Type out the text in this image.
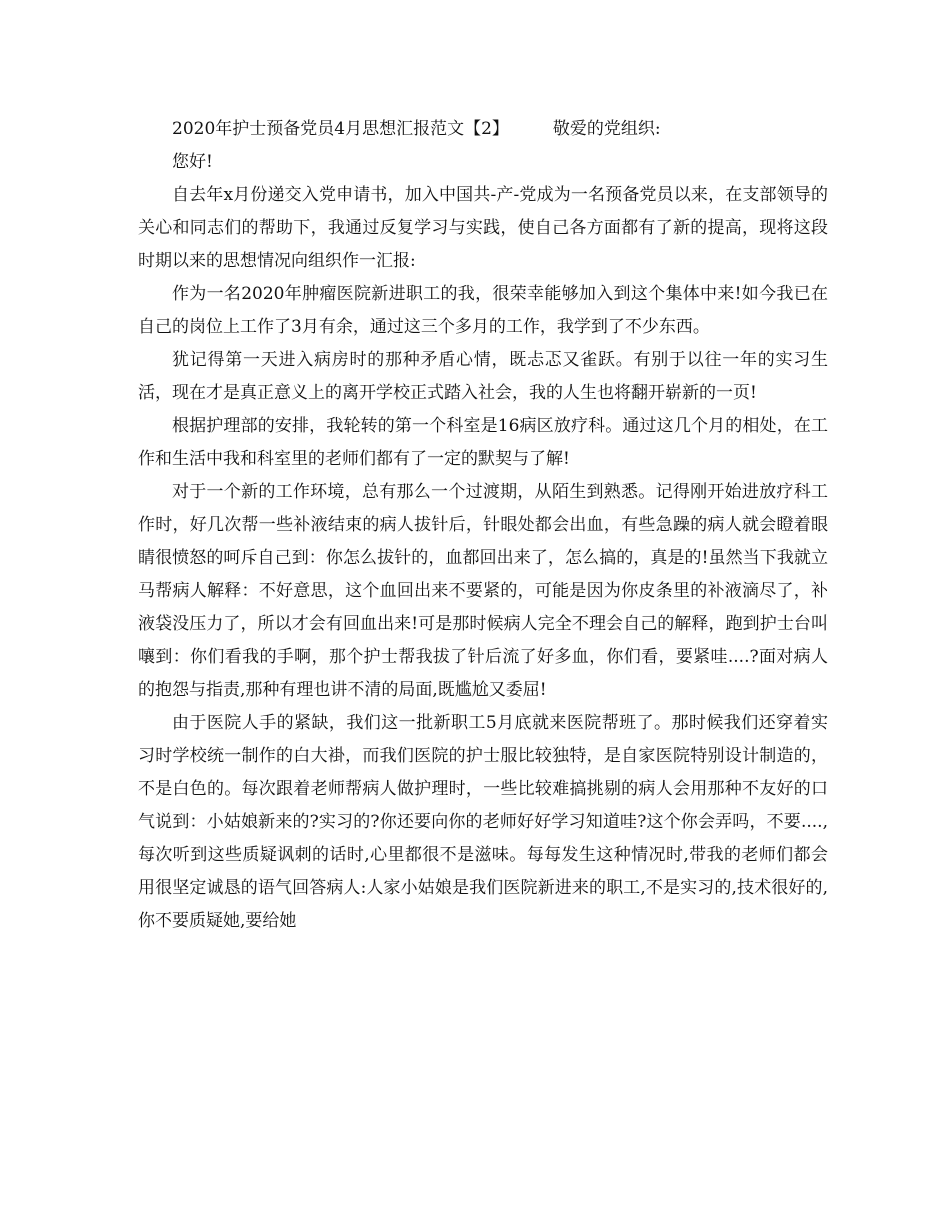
2020年护士预备党员4月思想汇报范文【2】	敬爱的党组织:

您好!

自去年x月份递交入党申请书，加入中国共-产-党成为一名预备党员以来，在支部领导的关心和同志们的帮助下，我通过反复学习与实践，使自己各方面都有了新的提高，现将这段时期以来的思想情况向组织作一汇报:

作为一名2020年肿瘤医院新进职工的我，很荣幸能够加入到这个集体中来!如今我已在自己的岗位上工作了3月有余，通过这三个多月的工作，我学到了不少东西。

犹记得第一天进入病房时的那种矛盾心情，既忐忑又雀跃。有别于以往一年的实习生活，现在才是真正意义上的离开学校正式踏入社会，我的人生也将翻开崭新的一页!

根据护理部的安排，我轮转的第一个科室是16病区放疗科。通过这几个月的相处，在工作和生活中我和科室里的老师们都有了一定的默契与了解!

对于一个新的工作环境，总有那么一个过渡期，从陌生到熟悉。记得刚开始进放疗科工作时，好几次帮一些补液结束的病人拔针后，针眼处都会出血，有些急躁的病人就会瞪着眼睛很愤怒的呵斥自己到：你怎么拔针的，血都回出来了，怎么搞的，真是的!虽然当下我就立马帮病人解释：不好意思，这个血回出来不要紧的，可能是因为你皮条里的补液滴尽了，补液袋没压力了，所以才会有回血出来!可是那时候病人完全不理会自己的解释，跑到护士台叫嚷到：你们看我的手啊，那个护士帮我拔了针后流了好多血，你们看，要紧哇....?面对病人的抱怨与指责,那种有理也讲不清的局面,既尴尬又委屈!

由于医院人手的紧缺，我们这一批新职工5月底就来医院帮班了。那时候我们还穿着实习时学校统一制作的白大褂，而我们医院的护士服比较独特，是自家医院特别设计制造的，不是白色的。每次跟着老师帮病人做护理时，一些比较难搞挑剔的病人会用那种不友好的口气说到：小姑娘新来的?实习的?你还要向你的老师好好学习知道哇?这个你会弄吗，不要....,每次听到这些质疑讽刺的话时,心里都很不是滋味。每每发生这种情况时,带我的老师们都会用很坚定诚恳的语气回答病人:人家小姑娘是我们医院新进来的职工,不是实习的,技术很好的,你不要质疑她,要给她
